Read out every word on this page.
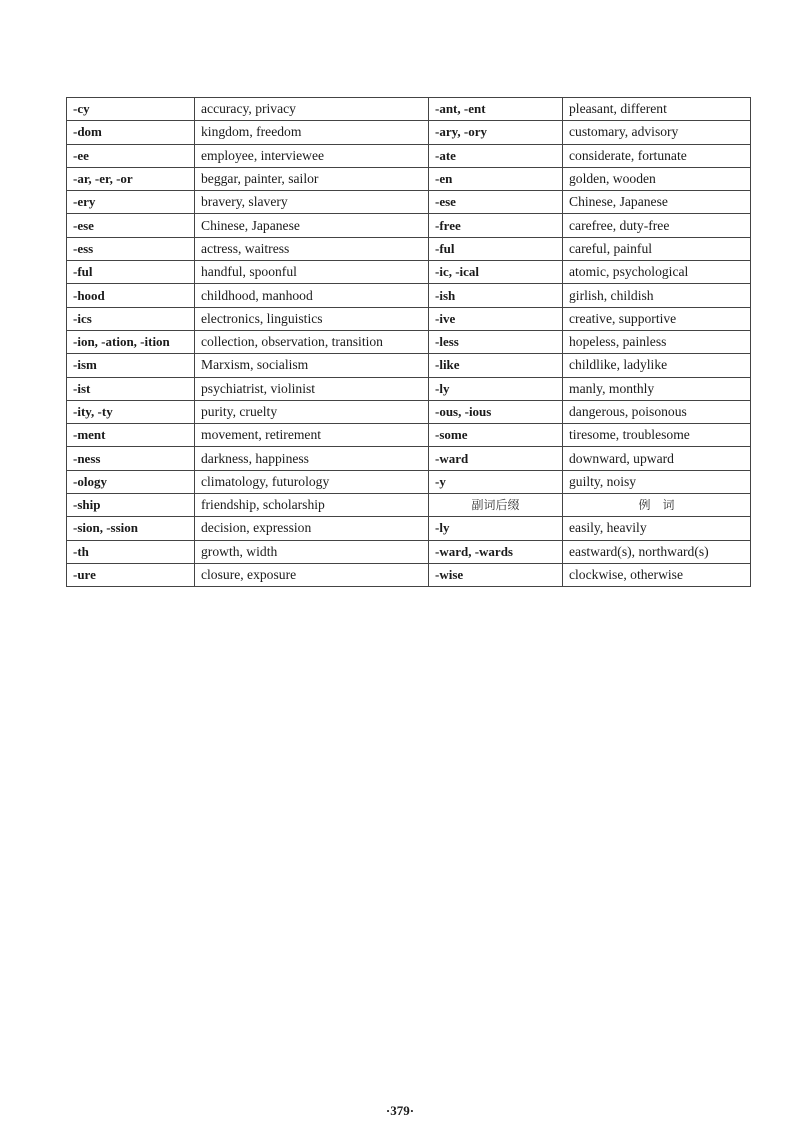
-cy	accuracy, privacy	-ant, -ent	pleasant, different
-dom	kingdom, freedom	-ary, -ory	customary, advisory
-ee	employee, interviewee	-ate	considerate, fortunate
-ar, -er, -or	beggar, painter, sailor	-en	golden, wooden
-ery	bravery, slavery	-ese	Chinese, Japanese
-ese	Chinese, Japanese	-free	carefree, duty-free
-ess	actress, waitress	-ful	careful, painful
-ful	handful, spoonful	-ic, -ical	atomic, psychological
-hood	childhood, manhood	-ish	girlish, childish
-ics	electronics, linguistics	-ive	creative, supportive
-ion, -ation, -ition	collection, observation, transition	-less	hopeless, painless
-ism	Marxism, socialism	-like	childlike, ladylike
-ist	psychiatrist, violinist	-ly	manly, monthly
-ity, -ty	purity, cruelty	-ous, -ious	dangerous, poisonous
-ment	movement, retirement	-some	tiresome, troublesome
-ness	darkness, happiness	-ward	downward, upward
-ology	climatology, futurology	-y	guilty, noisy
-ship	friendship, scholarship	副词后缀	例　词
-sion, -ssion	decision, expression	-ly	easily, heavily
-th	growth, width	-ward, -wards	eastward(s), northward(s)
-ure	closure, exposure	-wise	clockwise, otherwise
·379·
